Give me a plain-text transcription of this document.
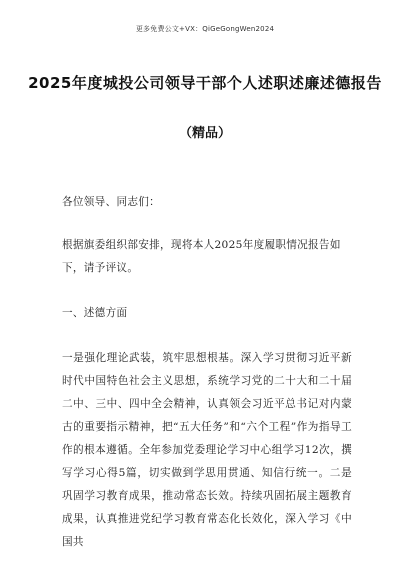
更多免费公文+VX：QiGeGongWen2024
2025年度城投公司领导干部个人述职述廉述德报告
（精品）
各位领导、同志们：
根据旗委组织部安排，现将本人2025年度履职情况报告如下，请予评议。
一、述德方面
一是强化理论武装，筑牢思想根基。深入学习贯彻习近平新时代中国特色社会主义思想，系统学习党的二十大和二十届二中、三中、四中全会精神，认真领会习近平总书记对内蒙古的重要指示精神，把“五大任务”和“六个工程”作为指导工作的根本遵循。全年参加党委理论学习中心组学习12次，撰写学习心得5篇，切实做到学思用贯通、知信行统一。二是巩固学习教育成果，推动常态长效。持续巩固拓展主题教育成果，认真推进党纪学习教育常态化长效化，深入学习《中国共
